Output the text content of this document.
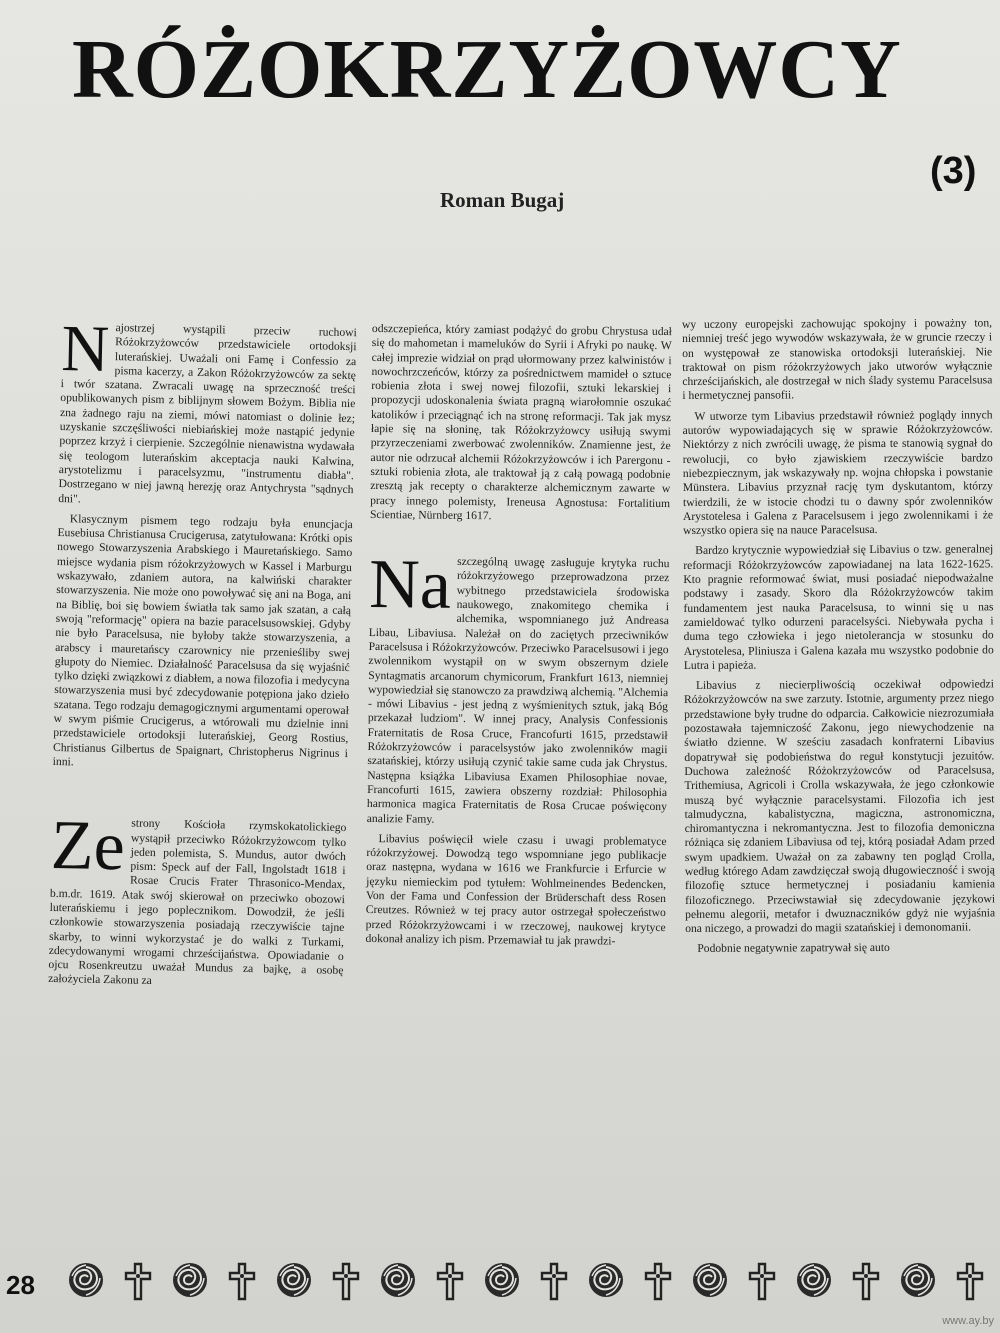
RÓŻOKRZYŻOWCY
(3)
Roman Bugaj

Najostrzej wystąpili przeciw ruchowi Różokrzyżowców przedstawiciele ortodoksji luterańskiej. Uważali oni Famę i Confessio za pisma kacerzy, a Zakon Różokrzyżowców za sektę i twór szatana. Zwracali uwagę na sprzeczność treści opublikowanych pism z biblijnym słowem Bożym. Biblia nie zna żadnego raju na ziemi, mówi natomiast o dolinie łez; uzyskanie szczęśliwości niebiańskiej może nastąpić jedynie poprzez krzyż i cierpienie. Szczególnie nienawistna wydawała się teologom luterańskim akceptacja nauki Kalwina, arystotelizmu i paracelsyzmu, "instrumentu diabła". Dostrzegano w niej jawną herezję oraz Antychrysta "sądnych dni".

Klasycznym pismem tego rodzaju była enuncjacja Eusebiusa Christianusa Crucigerusa, zatytułowana: Krótki opis nowego Stowarzyszenia Arabskiego i Mauretańskiego. Samo miejsce wydania pism różokrzyżowych w Kassel i Marburgu wskazywało, zdaniem autora, na kalwiński charakter stowarzyszenia. Nie może ono powoływać się ani na Boga, ani na Biblię, boi się bowiem światła tak samo jak szatan, a całą swoją "reformację" opiera na bazie paracelsusowskiej. Gdyby nie było Paracelsusa, nie byłoby także stowarzyszenia, a arabscy i mauretańscy czarownicy nie przenieśliby swej głupoty do Niemiec. Działalność Paracelsusa da się wyjaśnić tylko dzięki związkowi z diabłem, a nowa filozofia i medycyna stowarzyszenia musi być zdecydowanie potępiona jako dzieło szatana. Tego rodzaju demagogicznymi argumentami operował w swym piśmie Crucigerus, a wtórowali mu dzielnie inni przedstawiciele ortodoksji luterańskiej, Georg Rostius, Christianus Gilbertus de Spaignart, Christopherus Nigrinus i inni.

Ze strony Kościoła rzymskokatolickiego wystąpił przeciwko Różokrzyżowcom tylko jeden polemista, S. Mundus, autor dwóch pism: Speck auf der Fall, Ingolstadt 1618 i Rosae Crucis Frater Thrasonico-Mendax, b.m.dr. 1619. Atak swój skierował on przeciwko obozowi luterańskiemu i jego poplecznikom. Dowodził, że jeśli członkowie stowarzyszenia posiadają rzeczywiście tajne skarby, to winni wykorzystać je do walki z Turkami, zdecydowanymi wrogami chrześcijaństwa. Opowiadanie o ojcu Rosenkreutzu uważał Mundus za bajkę, a osobę założyciela Zakonu za

odszczepieńca, który zamiast podążyć do grobu Chrystusa udał się do mahometan i mameluków do Syrii i Afryki po naukę. W całej imprezie widział on prąd ułormowany przez kalwinistów i nowochrzczeńców, którzy za pośrednictwem mamideł o sztuce robienia złota i swej nowej filozofii, sztuki lekarskiej i propozycji udoskonalenia świata pragną wiarołomnie oszukać katolików i przeciągnąć ich na stronę reformacji. Tak jak mysz łapie się na słoninę, tak Różokrzyżowcy usiłują swymi przyrzeczeniami zwerbować zwolenników. Znamienne jest, że autor nie odrzucał alchemii Różokrzyżowców i ich Parergonu - sztuki robienia złota, ale traktował ją z całą powagą podobnie zresztą jak recepty o charakterze alchemicznym zawarte w pracy innego polemisty, Ireneusa Agnostusa: Fortalitium Scientiae, Nürnberg 1617.

Na szczególną uwagę zasługuje krytyka ruchu różokrzyżowego przeprowadzona przez wybitnego przedstawiciela środowiska naukowego, znakomitego chemika i alchemika, wspomnianego już Andreasa Libau, Libaviusa. Należał on do zaciętych przeciwników Paracelsusa i Różokrzyżowców. Przeciwko Paracelsusowi i jego zwolennikom wystąpił on w swym obszernym dziele Syntagmatis arcanorum chymicorum, Frankfurt 1613, niemniej wypowiedział się stanowczo za prawdziwą alchemią. "Alchemia - mówi Libavius - jest jedną z wyśmienitych sztuk, jaką Bóg przekazał ludziom". W innej pracy, Analysis Confessionis Fraternitatis de Rosa Cruce, Francofurti 1615, przedstawił Różokrzyżowców i paracelsystów jako zwolenników magii szatańskiej, którzy usiłują czynić takie same cuda jak Chrystus. Następna książka Libaviusa Examen Philosophiae novae, Francofurti 1615, zawiera obszerny rozdział: Philosophia harmonica magica Fraternitatis de Rosa Crucae poświęcony analizie Famy.

Libavius poświęcił wiele czasu i uwagi problematyce różokrzyżowej. Dowodzą tego wspomniane jego publikacje oraz następna, wydana w 1616 we Frankfurcie i Erfurcie w języku niemieckim pod tytułem: Wohlmeinendes Bedencken, Von der Fama und Confession der Brüderschaft dess Rosen Creutzes. Również w tej pracy autor ostrzegał społeczeństwo przed Różokrzyżowcami i w rzeczowej, naukowej krytyce dokonał analizy ich pism. Przemawiał tu jak prawdzi-

wy uczony europejski zachowując spokojny i poważny ton, niemniej treść jego wywodów wskazywała, że w gruncie rzeczy i on występował ze stanowiska ortodoksji luterańskiej. Nie traktował on pism różokrzyżowych jako utworów wyłącznie chrześcijańskich, ale dostrzegał w nich ślady systemu Paracelsusa i hermetycznej pansofii.

W utworze tym Libavius przedstawił również poglądy innych autorów wypowiadających się w sprawie Różokrzyżowców. Niektórzy z nich zwrócili uwagę, że pisma te stanowią sygnał do rewolucji, co było zjawiskiem rzeczywiście bardzo niebezpiecznym, jak wskazywały np. wojna chłopska i powstanie Münstera. Libavius przyznał rację tym dyskutantom, którzy twierdzili, że w istocie chodzi tu o dawny spór zwolenników Arystotelesa i Galena z Paracelsusem i jego zwolennikami i że wszystko opiera się na nauce Paracelsusa.

Bardzo krytycznie wypowiedział się Libavius o tzw. generalnej reformacji Różokrzyżowców zapowiadanej na lata 1622-1625. Kto pragnie reformować świat, musi posiadać niepodważalne podstawy i zasady. Skoro dla Różokrzyżowców takim fundamentem jest nauka Paracelsusa, to winni się u nas zamieldować tylko odurzeni paracelsyści. Niebywała pycha i duma tego człowieka i jego nietolerancja w stosunku do Arystotelesa, Pliniusza i Galena kazała mu wszystko podobnie do Lutra i papieża.

Libavius z niecierpliwością oczekiwał odpowiedzi Różokrzyżowców na swe zarzuty. Istotnie, argumenty przez niego przedstawione były trudne do odparcia. Całkowicie niezrozumiała pozostawała tajemniczość Zakonu, jego niewychodzenie na światło dzienne. W sześciu zasadach konfraterni Libavius dopatrywał się podobieństwa do reguł konstytucji jezuitów. Duchowa zależność Różokrzyżowców od Paracelsusa, Trithemiusa, Agricoli i Crolla wskazywała, że jego członkowie muszą być wyłącznie paracelsystami. Filozofia ich jest talmudyczna, kabalistyczna, magiczna, astronomiczna, chiromantyczna i nekromantyczna. Jest to filozofia demoniczna różniąca się zdaniem Libaviusa od tej, którą posiadał Adam przed swym upadkiem. Uważał on za zabawny ten pogląd Crolla, według którego Adam zawdzięczał swoją długowieczność i swoją filozofię sztuce hermetycznej i posiadaniu kamienia filozoficznego. Przeciwstawiał się zdecydowanie językowi pełnemu alegorii, metafor i dwuznaczników gdyż nie wyjaśnia ona niczego, a prowadzi do magii szatańskiej i demonomanii.

Podobnie negatywnie zapatrywał się auto

28
www.ay.by
